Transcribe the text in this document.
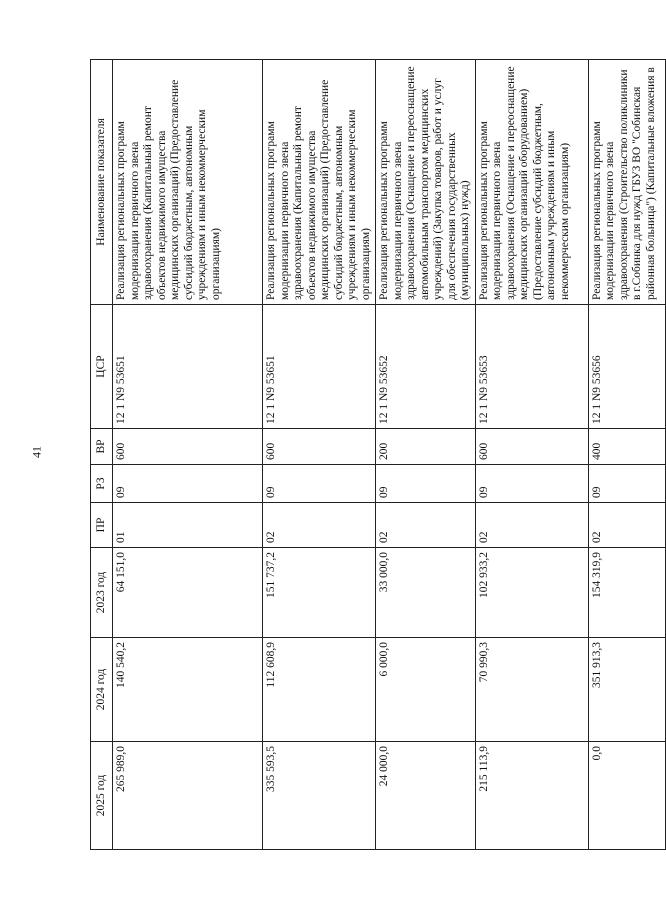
41
2025 год	2024 год	2023 год	ПР	РЗ	ВР	ЦСР	Наименование показателя
265 989,0	140 540,2	64 151,0	01	09	600	12 1 N9 53651	Реализация региональных программ модернизации первичного звена здравоохранения (Капитальный ремонт объектов недвижимого имущества медицинских организаций) (Предоставление субсидий бюджетным, автономным учреждениям и иным некоммерческим организациям)
335 593,5	112 608,9	151 737,2	02	09	600	12 1 N9 53651	Реализация региональных программ модернизации первичного звена здравоохранения (Капитальный ремонт объектов недвижимого имущества медицинских организаций) (Предоставление субсидий бюджетным, автономным учреждениям и иным некоммерческим организациям)
24 000,0	6 000,0	33 000,0	02	09	200	12 1 N9 53652	Реализация региональных программ модернизации первичного звена здравоохранения (Оснащение и переоснащение автомобильным транспортом медицинских учреждений) (Закупка товаров, работ и услуг для обеспечения государственных (муниципальных) нужд)
215 113,9	70 990,3	102 933,2	02	09	600	12 1 N9 53653	Реализация региональных программ модернизации первичного звена здравоохранения (Оснащение и переоснащение медицинских организаций оборудованием) (Предоставление субсидий бюджетным, автономным учреждениям и иным некоммерческим организациям)
0,0	351 913,3	154 319,9	02	09	400	12 1 N9 53656	Реализация региональных программ модернизации первичного звена здравоохранения (Строительство поликлиники в г.Собинка для нужд ГБУЗ ВО "Собинская районная больница") (Капитальные вложения в
